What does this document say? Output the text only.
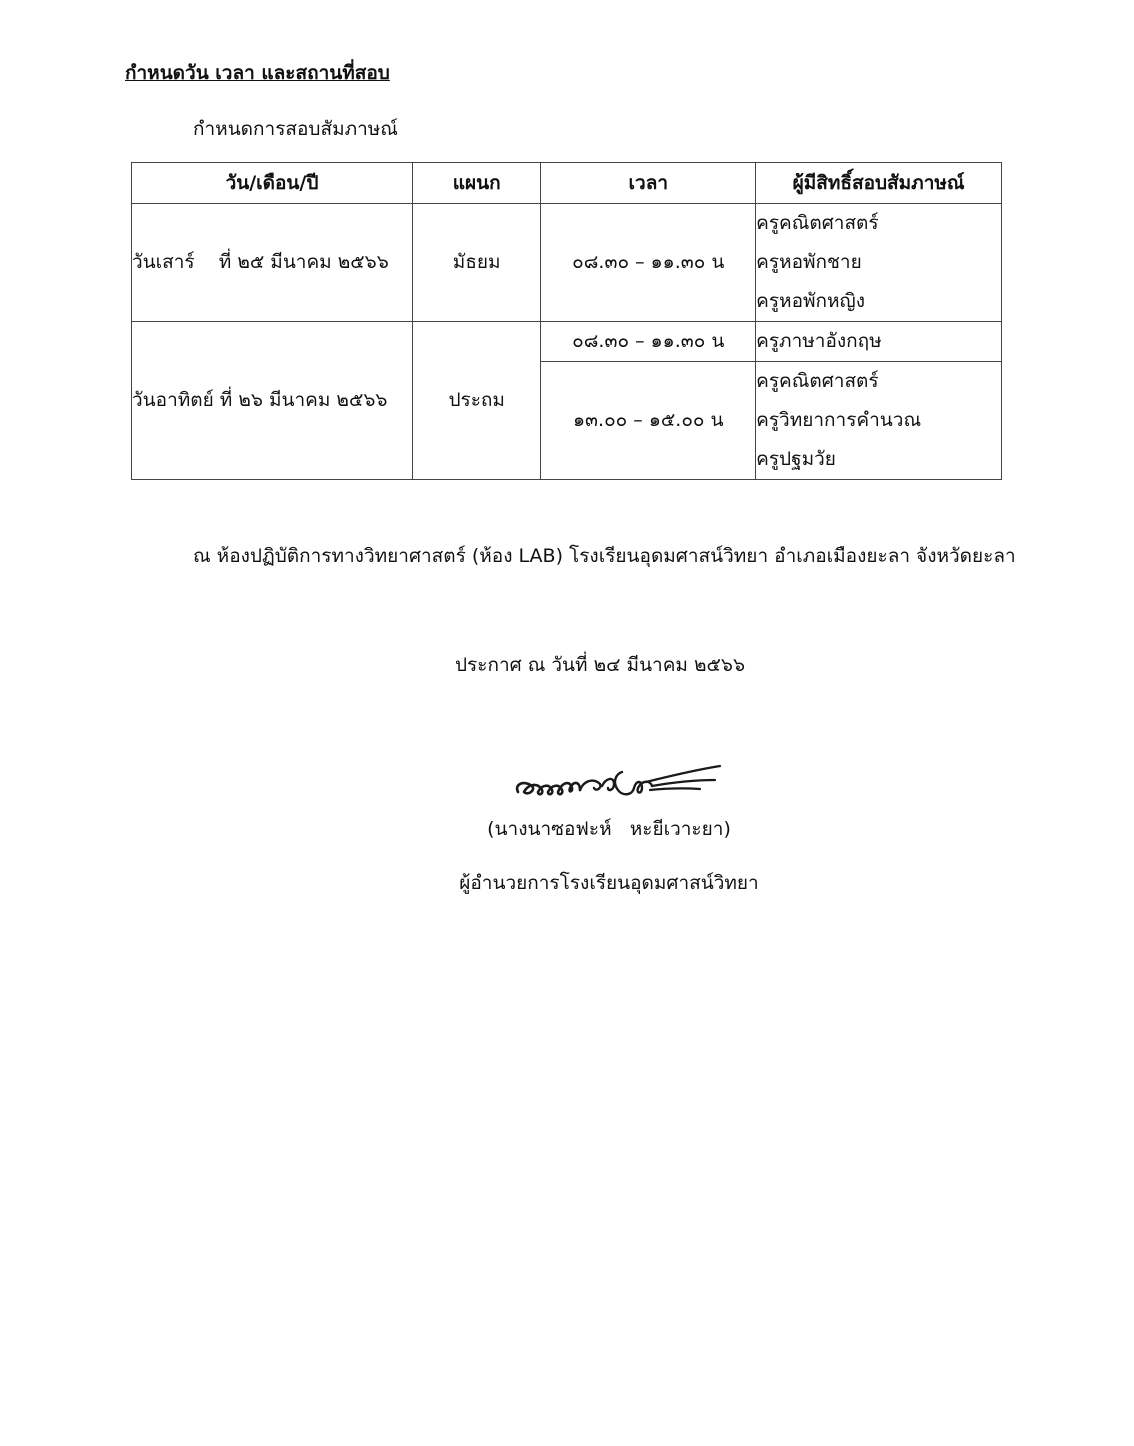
กำหนดวัน เวลา และสถานที่สอบ
กำหนดการสอบสัมภาษณ์
วัน/เดือน/ปี	แผนก	เวลา	ผู้มีสิทธิ์สอบสัมภาษณ์
วันเสาร์    ที่ ๒๕ มีนาคม ๒๕๖๖	มัธยม	๐๘.๓๐ – ๑๑.๓๐ น	ครูคณิตศาสตร์
ครูหอพักชาย
ครูหอพักหญิง

วันอาทิตย์ ที่ ๒๖ มีนาคม ๒๕๖๖	ประถม	๐๘.๓๐ – ๑๑.๓๐ น	ครูภาษาอังกฤษ

		๑๓.๐๐ – ๑๕.๐๐ น	ครูคณิตศาสตร์
ครูวิทยาการคำนวณ
ครูปฐมวัย
ณ ห้องปฏิบัติการทางวิทยาศาสตร์ (ห้อง LAB) โรงเรียนอุดมศาสน์วิทยา อำเภอเมืองยะลา จังหวัดยะลา
ประกาศ ณ วันที่ ๒๔ มีนาคม ๒๕๖๖
(นางนาซอฟะห์   หะยีเวาะยา)
ผู้อำนวยการโรงเรียนอุดมศาสน์วิทยา
